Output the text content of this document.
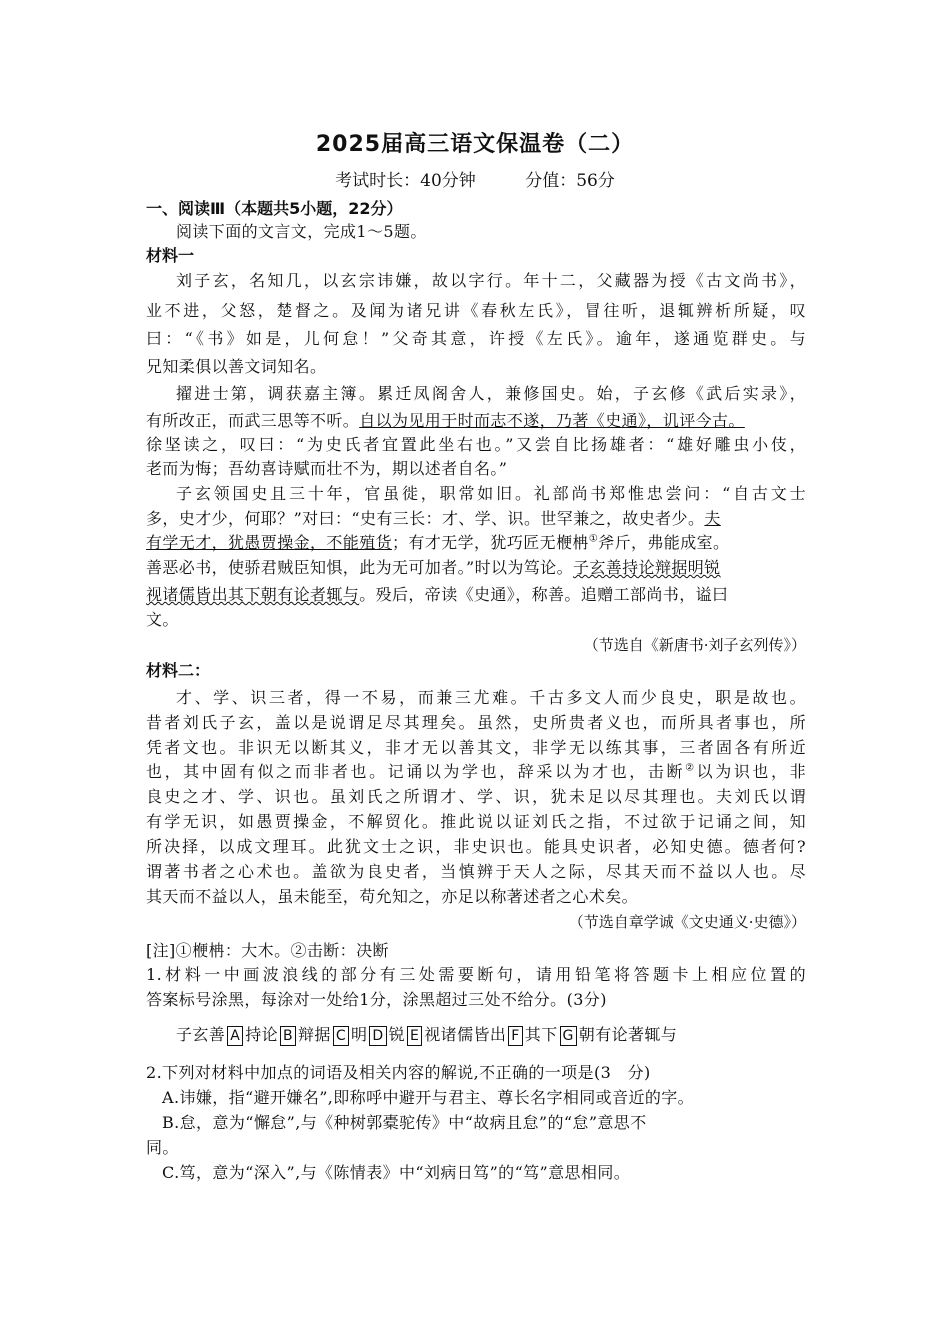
2025届高三语文保温卷（二）
考试时长：40分钟	分值：56分
一、阅读Ⅲ（本题共5小题，22分）
阅读下面的文言文，完成1～5题。
材料一
刘子玄，名知几，以玄宗讳嫌，故以字行。年十二，父藏器为授《古文尚书》，
业不进，父怒，楚督之。及闻为诸兄讲《春秋左氏》，冒往听，退辄辨析所疑，叹
曰：“《书》如是，儿何怠！”父奇其意，许授《左氏》。逾年，遂通览群史。与
兄知柔俱以善文词知名。
擢进士第，调获嘉主簿。累迁凤阁舍人，兼修国史。始，子玄修《武后实录》，
有所改正，而武三思等不听。自以为见用于时而志不遂，乃著《史通》，讥评今古。
徐坚读之，叹曰：“为史氏者宜置此坐右也。”又尝自比扬雄者：“雄好雕虫小伎，
老而为悔；吾幼喜诗赋而壮不为，期以述者自名。”
子玄领国史且三十年，官虽徙，职常如旧。礼部尚书郑惟忠尝问：“自古文士
多，史才少，何耶？”对曰：“史有三长：才、学、识。世罕兼之，故史者少。夫
有学无才，犹愚贾操金，不能殖货；有才无学，犹巧匠无楩柟①斧斤，弗能成室。
善恶必书，使骄君贼臣知惧，此为无可加者。”时以为笃论。子玄善持论辩据明锐
视诸儒皆出其下朝有论者辄与。殁后，帝读《史通》，称善。追赠工部尚书，谥曰
文。
（节选自《新唐书·刘子玄列传》）
材料二：
才、学、识三者，得一不易，而兼三尤难。千古多文人而少良史，职是故也。
昔者刘氏子玄，盖以是说谓足尽其理矣。虽然，史所贵者义也，而所具者事也，所
凭者文也。非识无以断其义，非才无以善其文，非学无以练其事，三者固各有所近
也，其中固有似之而非者也。记诵以为学也，辞采以为才也，击断②以为识也，非
良史之才、学、识也。虽刘氏之所谓才、学、识，犹未足以尽其理也。夫刘氏以谓
有学无识，如愚贾操金，不解贸化。推此说以证刘氏之指，不过欲于记诵之间，知
所决择，以成文理耳。此犹文士之识，非史识也。能具史识者，必知史德。德者何?
谓著书者之心术也。盖欲为良史者，当慎辨于天人之际，尽其天而不益以人也。尽
其天而不益以人，虽未能至，苟允知之，亦足以称著述者之心术矣。
（节选自章学诚《文史通义·史德》）
[注]①楩柟：大木。②击断：决断
1.材料一中画波浪线的部分有三处需要断句，请用铅笔将答题卡上相应位置的
答案标号涂黑，每涂对一处给1分，涂黑超过三处不给分。(3分)
子玄善 A 持论 B 辩据 C 明 D 锐 E 视诸儒皆出 F 其下 G 朝有论著辄与
2.下列对材料中加点的词语及相关内容的解说,不正确的一项是(3　分)
A.讳嫌，指“避开嫌名”,即称呼中避开与君主、尊长名字相同或音近的字。
B.怠，意为“懈怠”,与《种树郭橐驼传》中“故病且怠”的“怠”意思不
同。
C.笃，意为“深入”,与《陈情表》中“刘病日笃”的“笃”意思相同。
